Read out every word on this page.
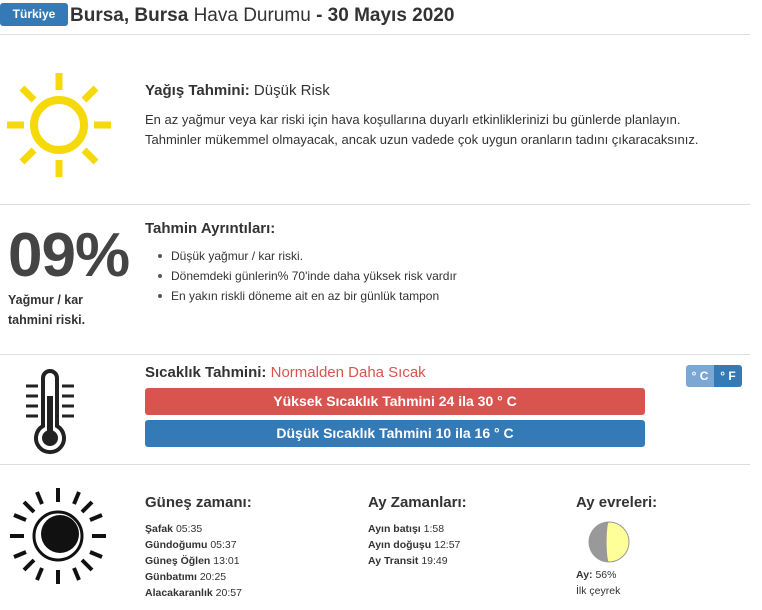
Türkiye Bursa, Bursa Hava Durumu - 30 Mayıs 2020
Yağış Tahmini: Düşük Risk
En az yağmur veya kar riski için hava koşullarına duyarlı etkinliklerinizi bu günlerde planlayın.
Tahminler mükemmel olmayacak, ancak uzun vadede çok uygun oranların tadını çıkaracaksınız.
09%
Yağmur / kar
tahmini riski.
Tahmin Ayrıntıları:
Düşük yağmur / kar riski.
Dönemdeki günlerin% 70'inde daha yüksek risk vardır
En yakın riskli döneme ait en az bir günlük tampon
Sıcaklık Tahmini: Normalden Daha Sıcak	° C ° F
Yüksek Sıcaklık Tahmini 24 ila 30 ° C
Düşük Sıcaklık Tahmini 10 ila 16 ° C
Güneş zamanı:
Şafak 05:35
Gündoğumu 05:37
Güneş Öğlen 13:01
Günbatımı 20:25
Alacakaranlık 20:57
Ay Zamanları:
Ayın batışı 1:58
Ayın doğuşu 12:57
Ay Transit 19:49
Ay evreleri:
Ay: 56%
İlk çeyrek
